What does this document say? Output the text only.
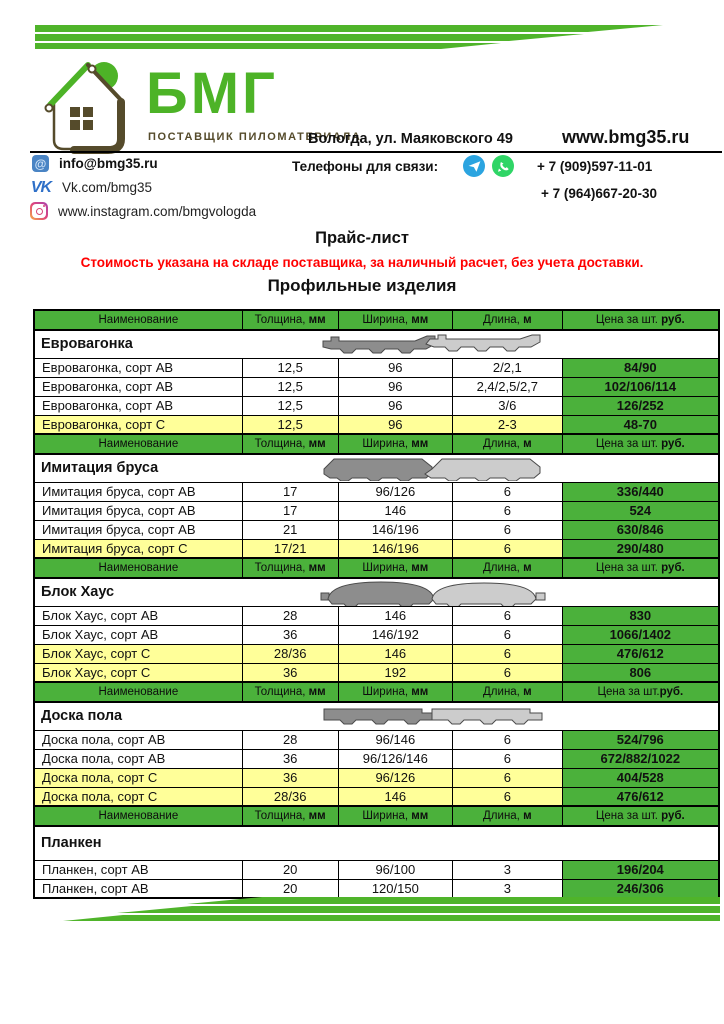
БМГ
ПОСТАВЩИК ПИЛОМАТЕРИАЛА
Вологда, ул. Маяковского 49	www.bmg35.ru
@ info@bmg35.ru
VK Vk.com/bmg35
www.instagram.com/bmgvologda
Телефоны для связи:	+ 7 (909)597-11-01
+ 7 (964)667-20-30
Прайс-лист
Стоимость указана на складе поставщика, за наличный расчет, без учета доставки.
Профильные изделия
Наименование	Толщина, мм	Ширина, мм	Длина, м	Цена за шт. руб.
Евровагонка				

Евровагонка, сорт АВ	12,5	96	2/2,1	84/90
Евровагонка, сорт АВ	12,5	96	2,4/2,5/2,7	102/106/114
Евровагонка, сорт АВ	12,5	96	3/6	126/252
Евровагонка, сорт С	12,5	96	2-3	48-70
Наименование	Толщина, мм	Ширина, мм	Длина, м	Цена за шт. руб.
Имитация бруса				

Имитация бруса, сорт АВ	17	96/126	6	336/440
Имитация бруса, сорт АВ	17	146	6	524
Имитация бруса, сорт АВ	21	146/196	6	630/846
Имитация бруса, сорт С	17/21	146/196	6	290/480
Наименование	Толщина, мм	Ширина, мм	Длина, м	Цена за шт. руб.
Блок Хаус				

Блок Хаус, сорт АВ	28	146	6	830
Блок Хаус, сорт АВ	36	146/192	6	1066/1402
Блок Хаус, сорт С	28/36	146	6	476/612
Блок Хаус, сорт С	36	192	6	806
Наименование	Толщина, мм	Ширина, мм	Длина, м	Цена за шт.руб.
Доска пола				

Доска пола, сорт АВ	28	96/146	6	524/796
Доска пола, сорт АВ	36	96/126/146	6	672/882/1022
Доска пола, сорт С	36	96/126	6	404/528
Доска пола, сорт С	28/36	146	6	476/612
Наименование	Толщина, мм	Ширина, мм	Длина, м	Цена за шт. руб.
Планкен				
Планкен, сорт АВ	20	96/100	3	196/204
Планкен, сорт АВ	20	120/150	3	246/306
